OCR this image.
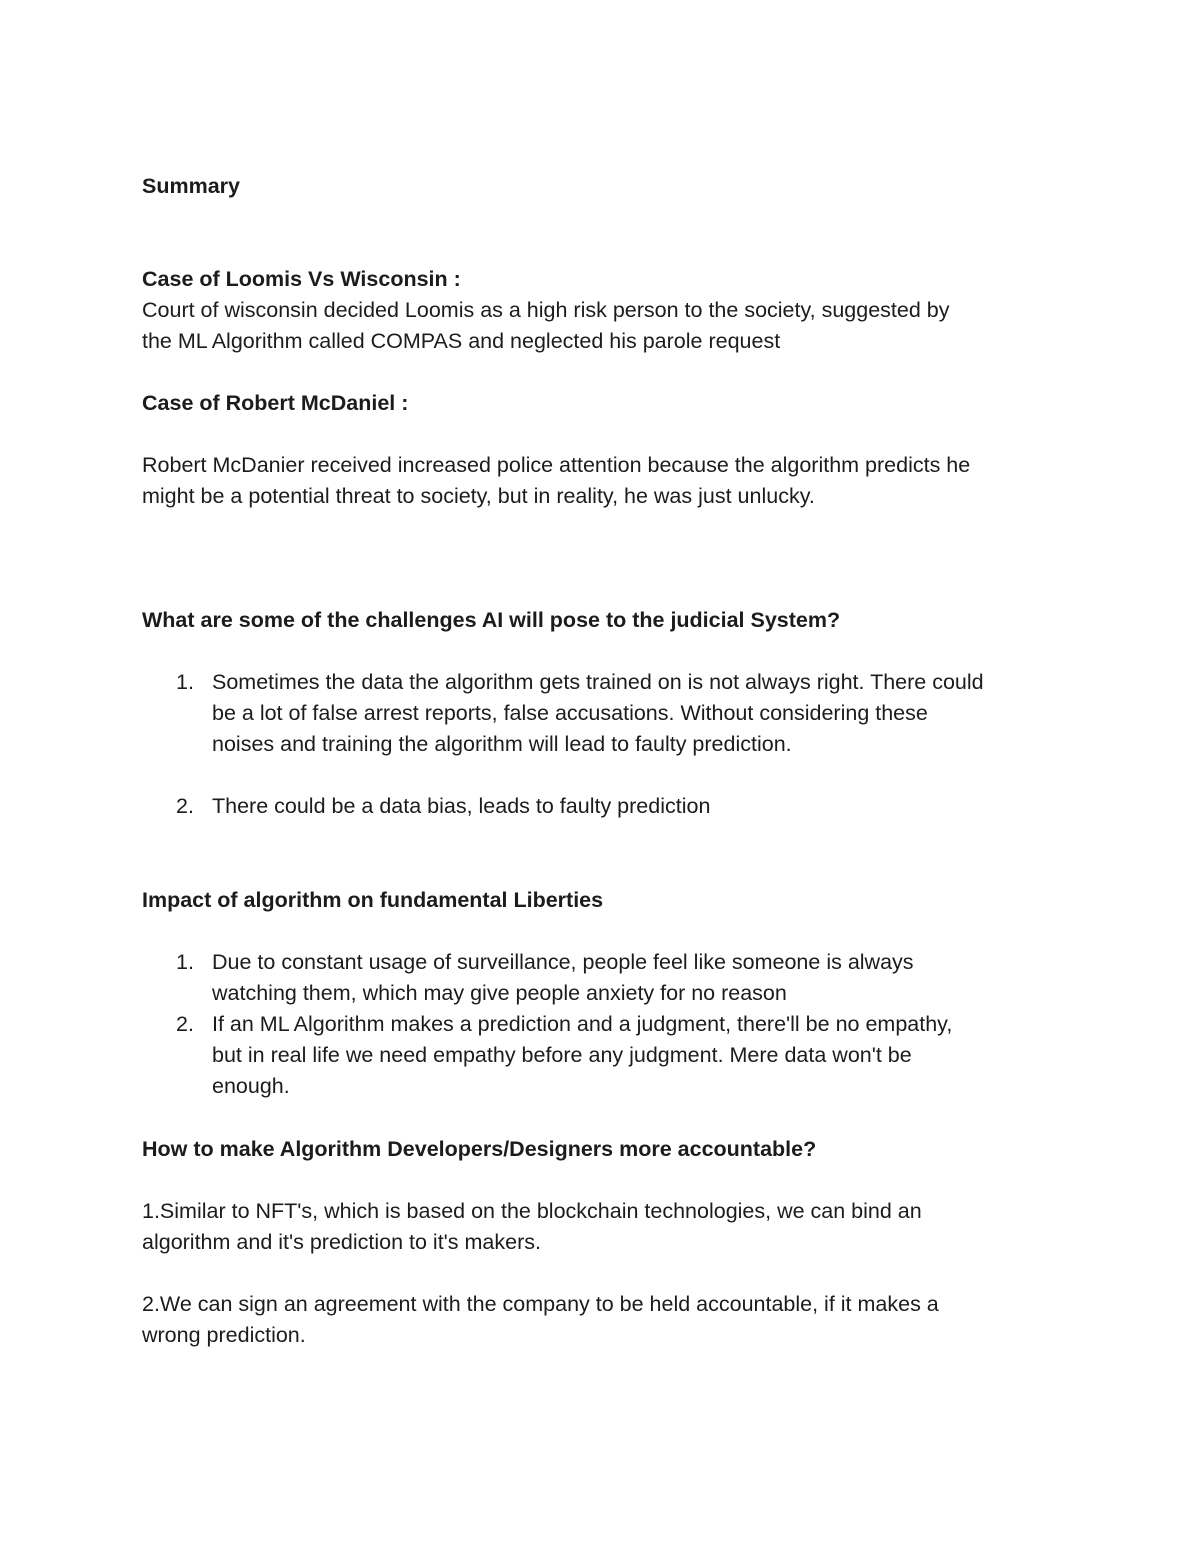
Summary

Case of Loomis Vs Wisconsin :

Court of wisconsin decided Loomis as a high risk person to the society, suggested by
the ML Algorithm called COMPAS and neglected his parole request

Case of Robert McDaniel :

Robert McDanier received increased police attention because the algorithm predicts he
might be a potential threat to society, but in reality, he was just unlucky.

What are some of the challenges AI will pose to the judicial System?

1. Sometimes the data the algorithm gets trained on is not always right. There could
be a lot of false arrest reports, false accusations. Without considering these
noises and training the algorithm will lead to faulty prediction.
2. There could be a data bias, leads to faulty prediction

Impact of algorithm on fundamental Liberties

1. Due to constant usage of surveillance, people feel like someone is always
watching them, which may give people anxiety for no reason
2. If an ML Algorithm makes a prediction and a judgment, there'll be no empathy,
but in real life we need empathy before any judgment. Mere data won't be
enough.

How to make Algorithm Developers/Designers more accountable?

1.Similar to NFT's, which is based on the blockchain technologies, we can bind an
algorithm and it's prediction to it's makers.
2.We can sign an agreement with the company to be held accountable, if it makes a
wrong prediction.
